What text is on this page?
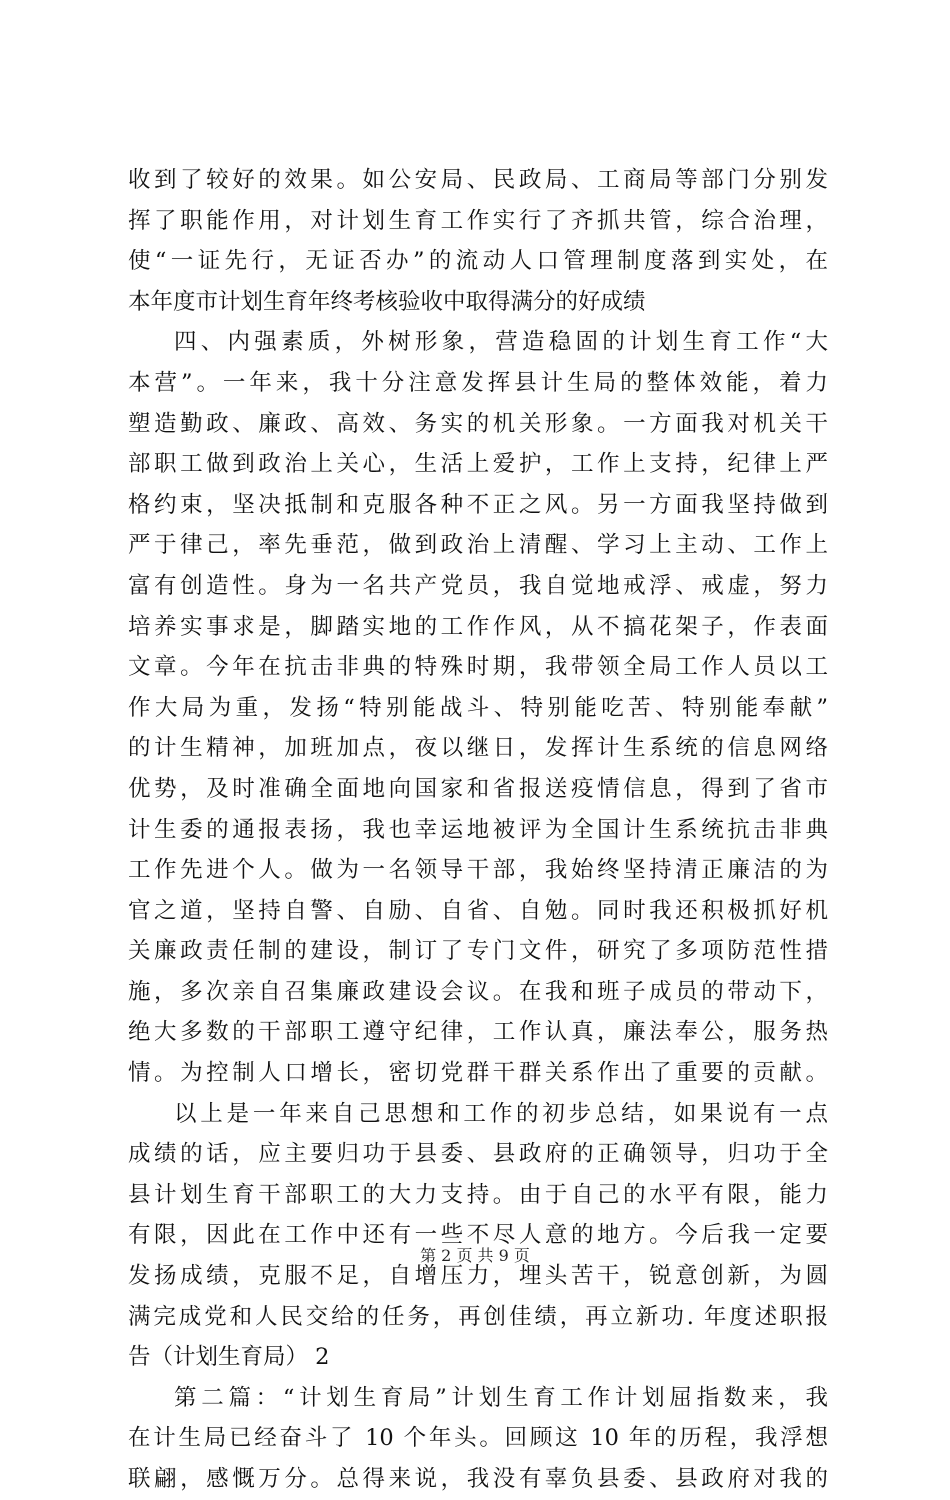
收到了较好的效果。如公安局、民政局、工商局等部门分别发
挥了职能作用，对计划生育工作实行了齐抓共管，综合治理，
使“一证先行，无证否办”的流动人口管理制度落到实处，在
本年度市计划生育年终考核验收中取得满分的好成绩
四、内强素质，外树形象，营造稳固的计划生育工作“大
本营”。一年来，我十分注意发挥县计生局的整体效能，着力
塑造勤政、廉政、高效、务实的机关形象。一方面我对机关干
部职工做到政治上关心，生活上爱护，工作上支持，纪律上严
格约束，坚决抵制和克服各种不正之风。另一方面我坚持做到
严于律己，率先垂范，做到政治上清醒、学习上主动、工作上
富有创造性。身为一名共产党员，我自觉地戒浮、戒虚，努力
培养实事求是，脚踏实地的工作作风，从不搞花架子，作表面
文章。今年在抗击非典的特殊时期，我带领全局工作人员以工
作大局为重，发扬“特别能战斗、特别能吃苦、特别能奉献”
的计生精神，加班加点，夜以继日，发挥计生系统的信息网络
优势，及时准确全面地向国家和省报送疫情信息，得到了省市
计生委的通报表扬，我也幸运地被评为全国计生系统抗击非典
工作先进个人。做为一名领导干部，我始终坚持清正廉洁的为
官之道，坚持自警、自励、自省、自勉。同时我还积极抓好机
关廉政责任制的建设，制订了专门文件，研究了多项防范性措
施，多次亲自召集廉政建设会议。在我和班子成员的带动下，
绝大多数的干部职工遵守纪律，工作认真，廉法奉公，服务热
情。为控制人口增长，密切党群干群关系作出了重要的贡献。
以上是一年来自己思想和工作的初步总结，如果说有一点
成绩的话，应主要归功于县委、县政府的正确领导，归功于全
县计划生育干部职工的大力支持。由于自己的水平有限，能力
有限，因此在工作中还有一些不尽人意的地方。今后我一定要
发扬成绩，克服不足，自增压力，埋头苦干，锐意创新，为圆
满完成党和人民交给的任务，再创佳绩，再立新功. 年度述职报
告（计划生育局） 2
第二篇：“计划生育局”计划生育工作计划屈指数来，我
在计生局已经奋斗了 10 个年头。回顾这 10 年的历程，我浮想
联翩，感慨万分。总得来说，我没有辜负县委、县政府对我的
第 2 页 共 9 页
